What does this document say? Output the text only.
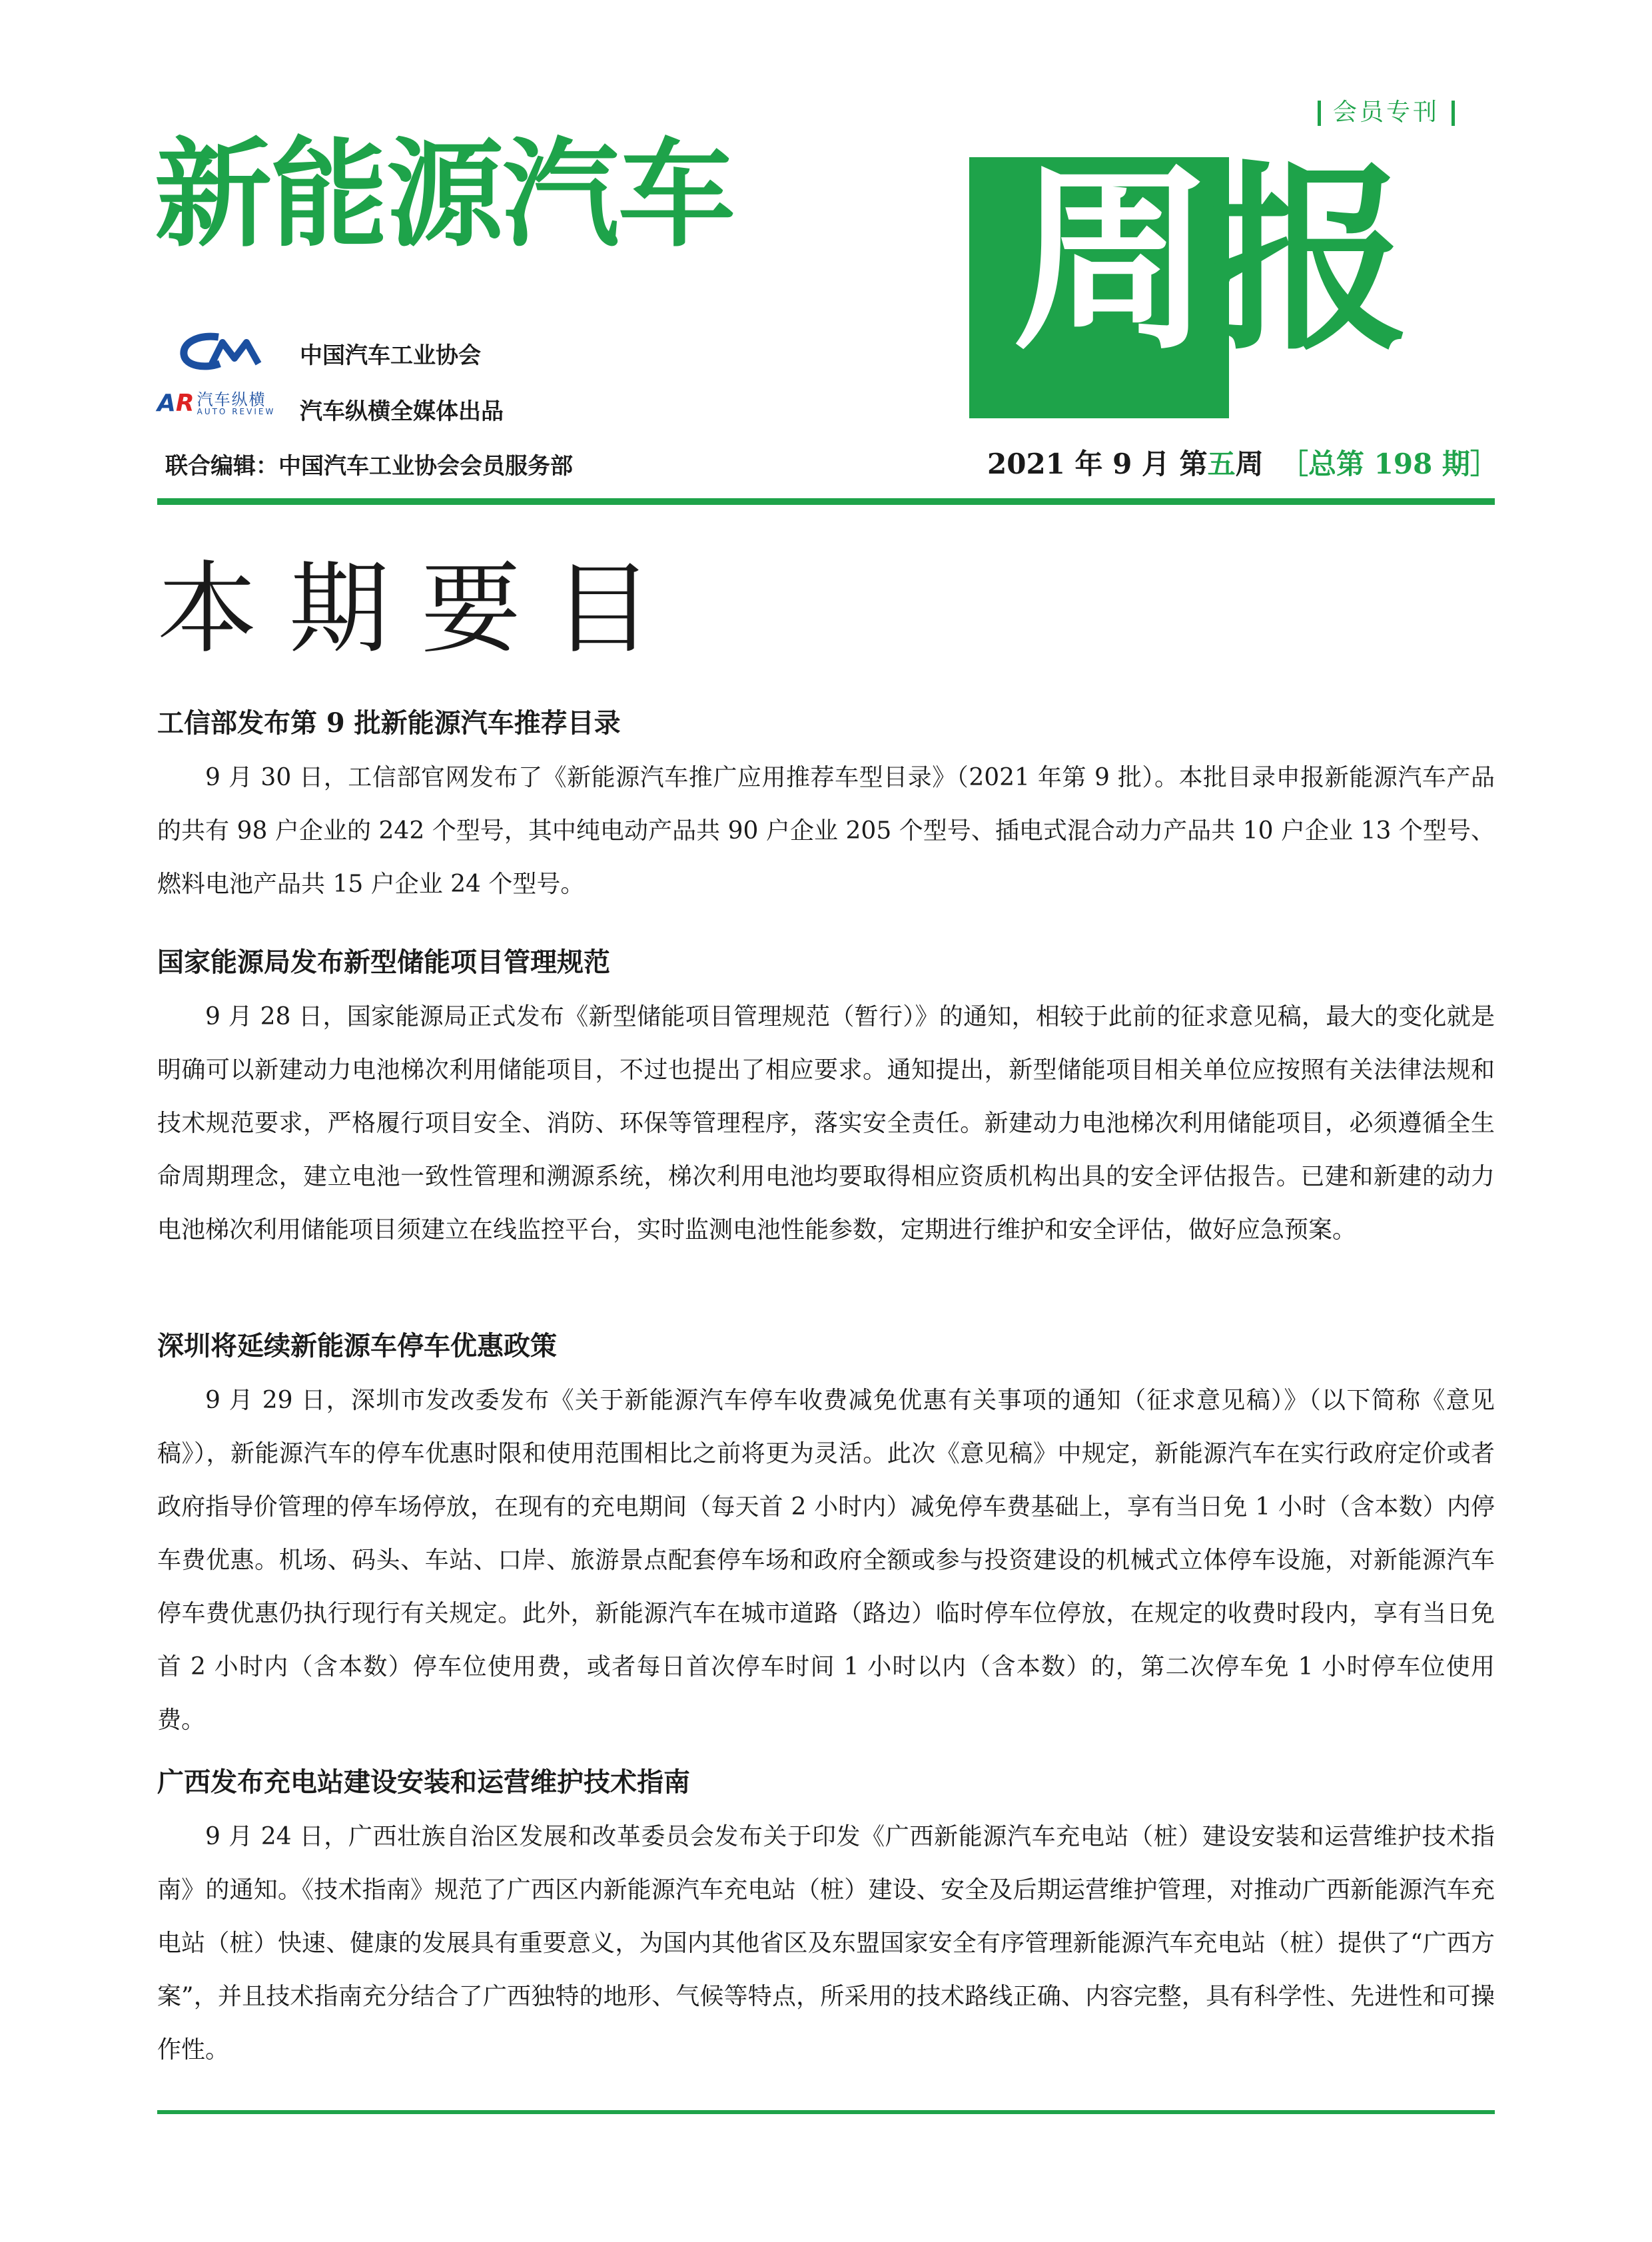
会员专刊
新能源汽车 周报
中国汽车工业协会
AR 汽车纵横
AUTO REVIEW 汽车纵横全媒体出品
联合编辑：中国汽车工业协会会员服务部	2021 年 9 月 第五周 ［总第 198 期］
本期要目
工信部发布第 9 批新能源汽车推荐目录

9 月 30 日，工信部官网发布了《新能源汽车推广应用推荐车型目录》（2021 年第 9 批）。本批目录申报新能源汽车产品的共有 98 户企业的 242 个型号，其中纯电动产品共 90 户企业 205 个型号、插电式混合动力产品共 10 户企业 13 个型号、燃料电池产品共 15 户企业 24 个型号。

国家能源局发布新型储能项目管理规范

9 月 28 日，国家能源局正式发布《新型储能项目管理规范（暂行）》的通知，相较于此前的征求意见稿，最大的变化就是明确可以新建动力电池梯次利用储能项目，不过也提出了相应要求。通知提出，新型储能项目相关单位应按照有关法律法规和技术规范要求，严格履行项目安全、消防、环保等管理程序，落实安全责任。新建动力电池梯次利用储能项目，必须遵循全生命周期理念，建立电池一致性管理和溯源系统，梯次利用电池均要取得相应资质机构出具的安全评估报告。已建和新建的动力电池梯次利用储能项目须建立在线监控平台，实时监测电池性能参数，定期进行维护和安全评估，做好应急预案。

深圳将延续新能源车停车优惠政策

9 月 29 日，深圳市发改委发布《关于新能源汽车停车收费减免优惠有关事项的通知（征求意见稿）》（以下简称《意见稿》），新能源汽车的停车优惠时限和使用范围相比之前将更为灵活。此次《意见稿》中规定，新能源汽车在实行政府定价或者政府指导价管理的停车场停放，在现有的充电期间（每天首 2 小时内）减免停车费基础上，享有当日免 1 小时（含本数）内停车费优惠。机场、码头、车站、口岸、旅游景点配套停车场和政府全额或参与投资建设的机械式立体停车设施，对新能源汽车停车费优惠仍执行现行有关规定。此外，新能源汽车在城市道路（路边）临时停车位停放，在规定的收费时段内，享有当日免首 2 小时内（含本数）停车位使用费，或者每日首次停车时间 1 小时以内（含本数）的，第二次停车免 1 小时停车位使用费。

广西发布充电站建设安装和运营维护技术指南

9 月 24 日，广西壮族自治区发展和改革委员会发布关于印发《广西新能源汽车充电站（桩）建设安装和运营维护技术指南》的通知。《技术指南》规范了广西区内新能源汽车充电站（桩）建设、安全及后期运营维护管理，对推动广西新能源汽车充电站（桩）快速、健康的发展具有重要意义，为国内其他省区及东盟国家安全有序管理新能源汽车充电站（桩）提供了“广西方案”，并且技术指南充分结合了广西独特的地形、气候等特点，所采用的技术路线正确、内容完整，具有科学性、先进性和可操作性。
